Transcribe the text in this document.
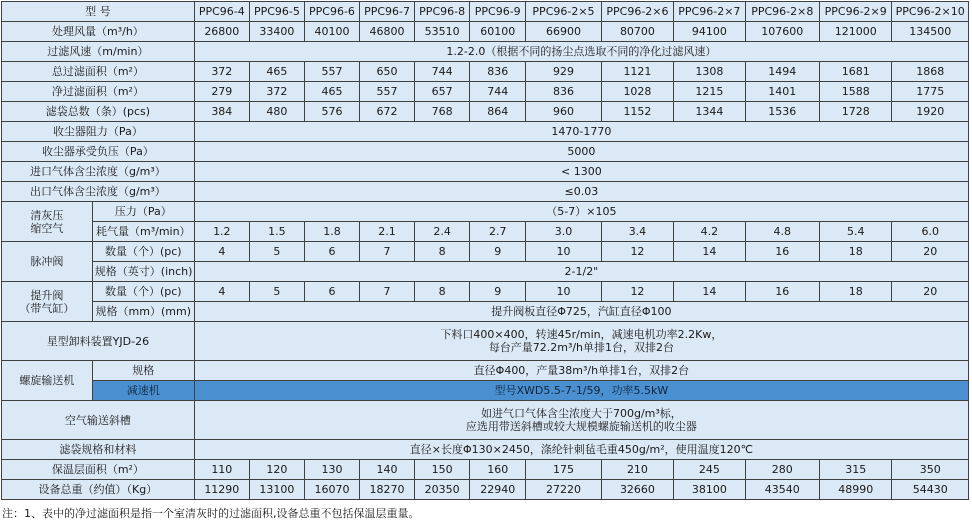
型 号		PPC96-4	PPC96-5	PPC96-6	PPC96-7	PPC96-8	PPC96-9	PPC96-2×5	PPC96-2×6	PPC96-2×7	PPC96-2×8	PPC96-2×9	PPC96-2×10
处理风量（m³/h）		26800	33400	40100	46800	53510	60100	66900	80700	94100	107600	121000	134500
过滤风速（m/min）		1.2-2.0（根据不同的扬尘点选取不同的净化过滤风速）											
总过滤面积（m²）		372	465	557	650	744	836	929	1121	1308	1494	1681	1868
净过滤面积（m²）		279	372	465	557	657	744	836	1028	1215	1401	1588	1775
滤袋总数（条）(pcs)		384	480	576	672	768	864	960	1152	1344	1536	1728	1920
收尘器阻力（Pa）		1470-1770											
收尘器承受负压（Pa）		5000											
进口气体含尘浓度（g/m³）		< 1300											
出口气体含尘浓度（g/m³）		≤0.03											

清灰压
缩空气	压力（Pa）	（5-7）×105											
	耗气量（m³/min）	1.2	1.5	1.8	2.1	2.4	2.7	3.0	3.4	4.2	4.8	5.4	6.0
脉冲阀	数量（个）(pc)	4	5	6	7	8	9	10	12	14	16	18	20
	规格（英寸）(inch)	2-1/2"											

提升阀
（带气缸）	数量（个）(pc)	4	5	6	7	8	9	10	12	14	16	18	20
	规格（mm）(mm)	提升阀板直径Φ725，汽缸直径Φ100											
星型卸料装置YJD-26		下料口400×400，转速45r/min，减速电机功率2.2Kw，
每台产量72.2m³/h单排1台，双排2台											

螺旋输送机	规格	直径Φ400，产量38m³/h单排1台，双排2台											
	减速机	型号XWD5.5-7-1/59，功率5.5kW											
空气输送斜槽		如进气口气体含尘浓度大于700g/m³标，
应选用带送斜槽或较大规模螺旋输送机的收尘器											

滤袋规格和材料		直径×长度Φ130×2450，涤纶针刺毡毛重450g/m²，使用温度120℃											
保温层面积（m²）		110	120	130	140	150	160	175	210	245	280	315	350
设备总重（约值）（Kg）		11290	13100	16070	18270	20350	22940	27220	32660	38100	43540	48990	54430
注：1、表中的净过滤面积是指一个室清灰时的过滤面积,设备总重不包括保温层重量。
